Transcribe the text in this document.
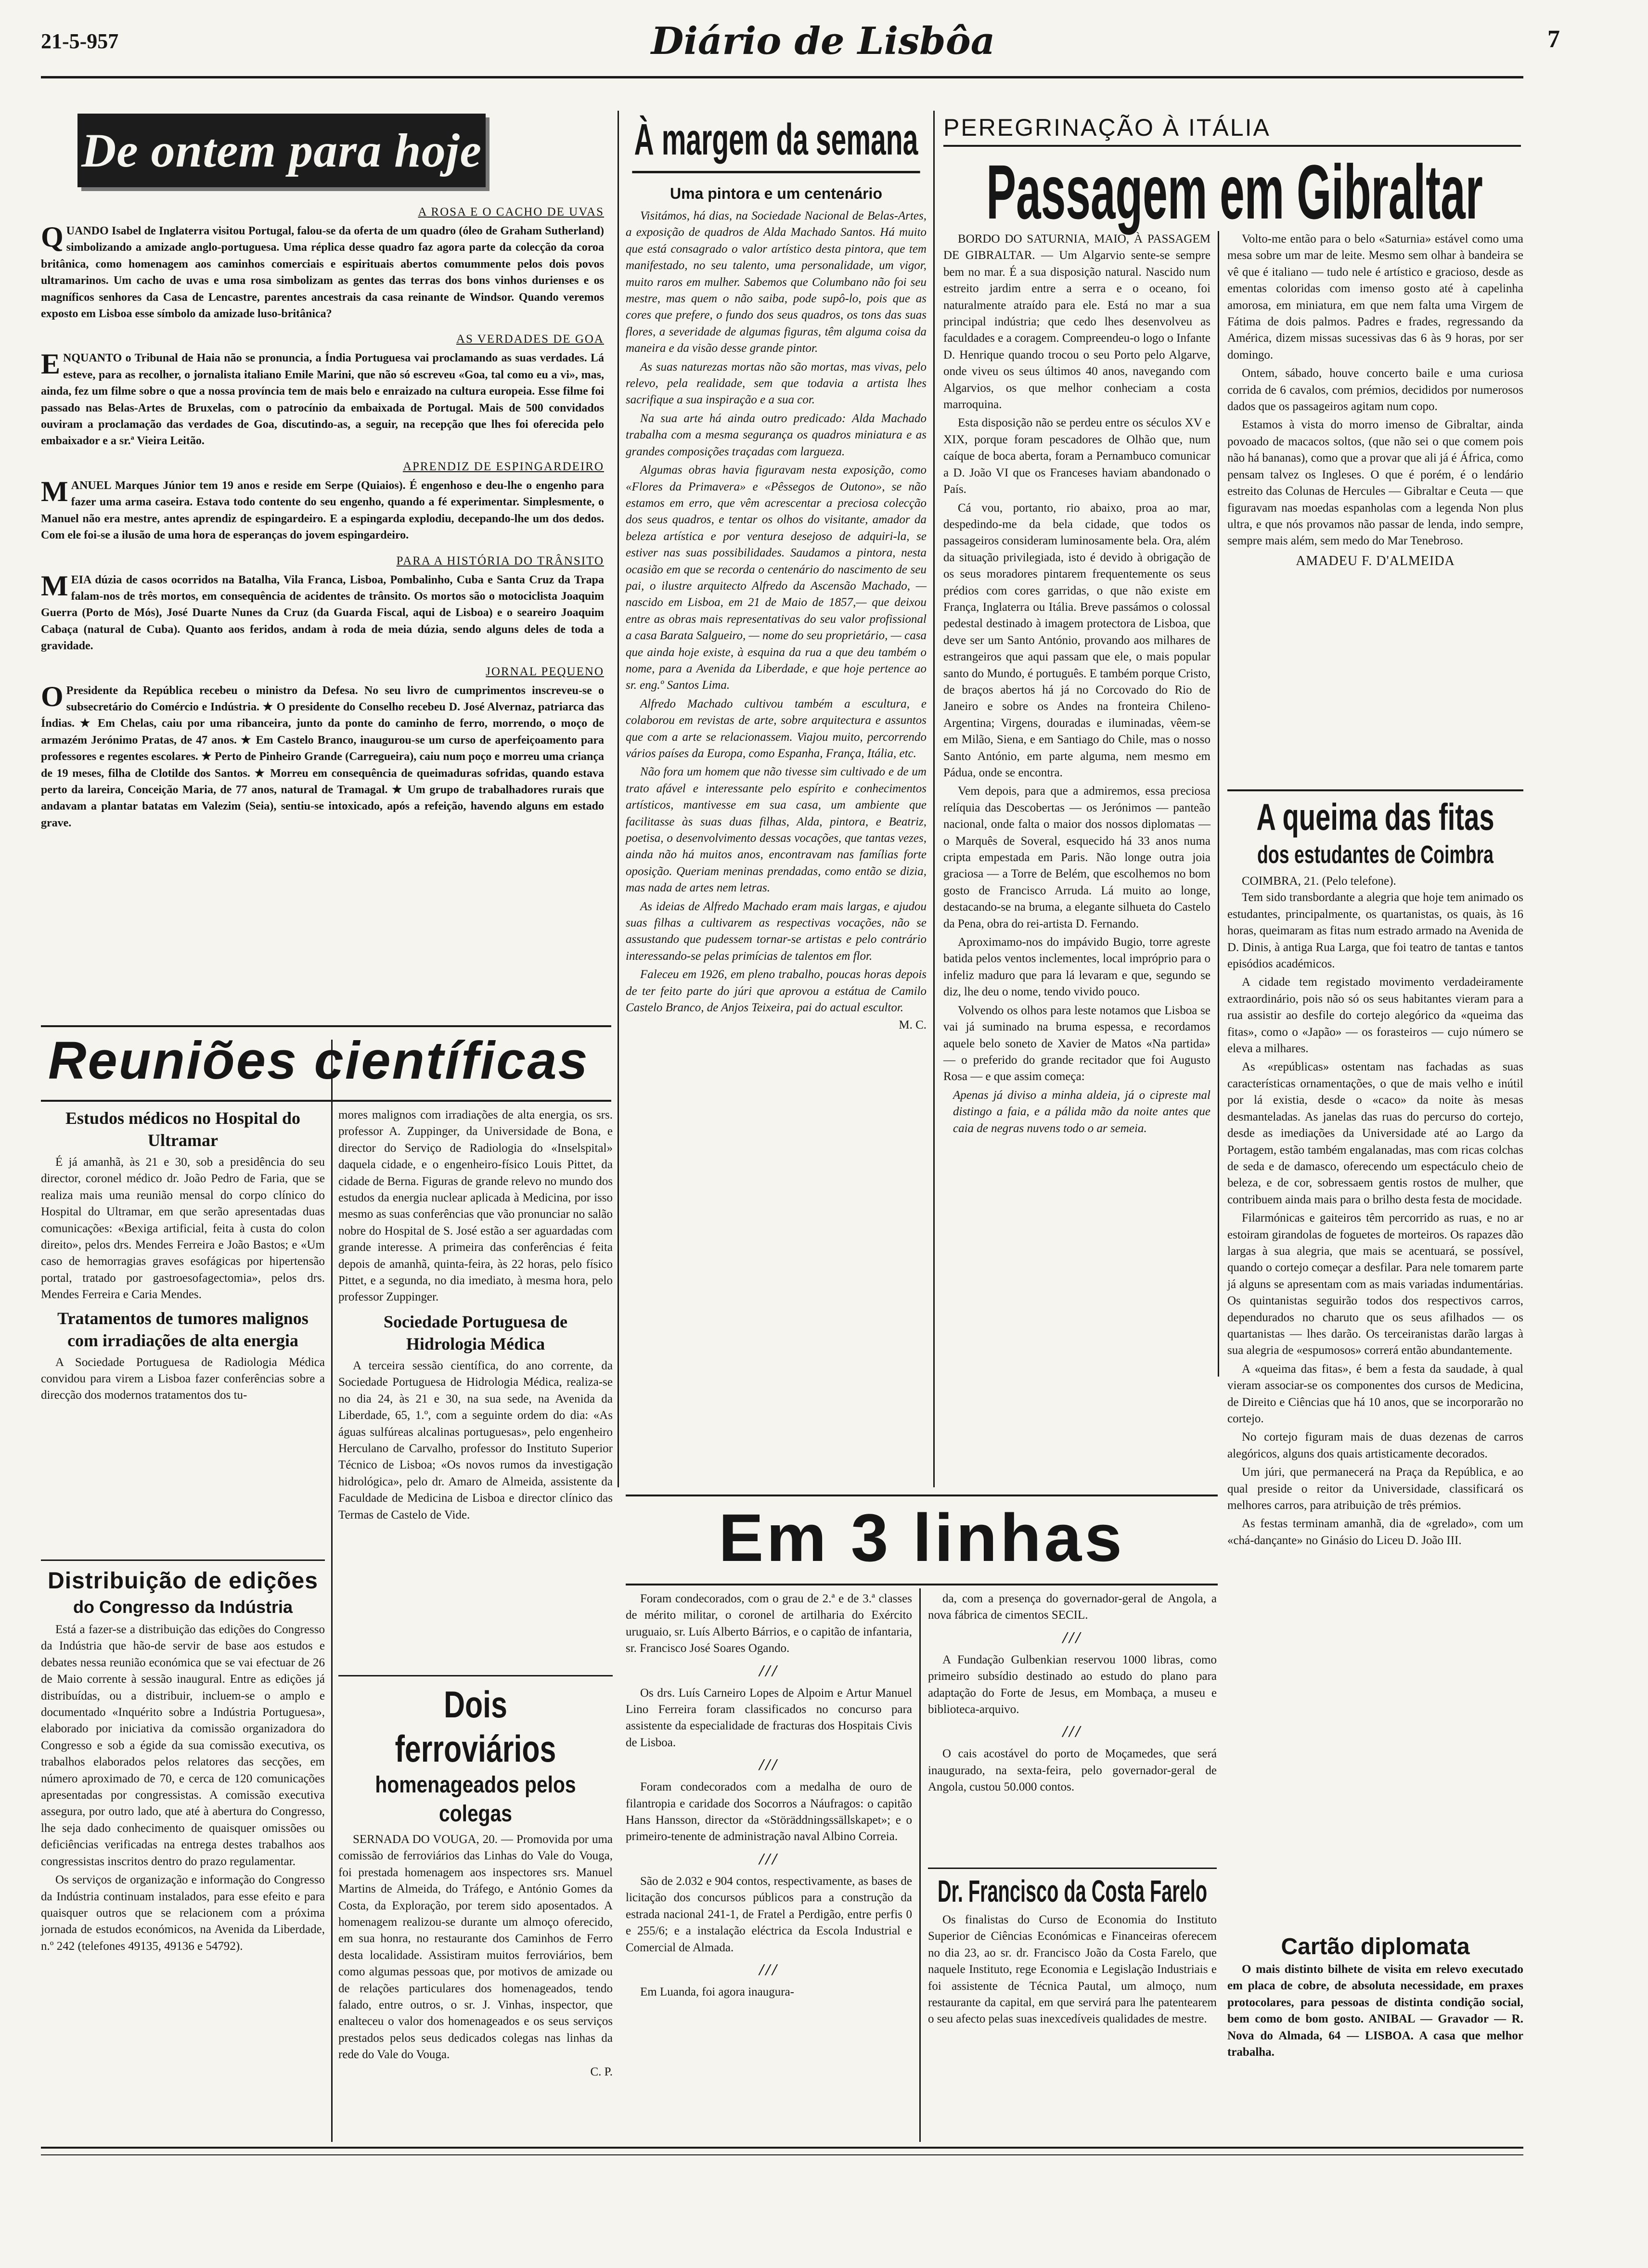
21-5-957	Diário de Lisbôa	7
De ontem para hoje
A ROSA E O CACHO DE UVAS

QUANDO Isabel de Inglaterra visitou Portugal, falou-se da oferta de um quadro (óleo de Graham Sutherland) simbolizando a amizade anglo-portuguesa. Uma réplica desse quadro faz agora parte da colecção da coroa britânica, como homenagem aos caminhos comerciais e espirituais abertos comummente pelos dois povos ultramarinos. Um cacho de uvas e uma rosa simbolizam as gentes das terras dos bons vinhos durienses e os magníficos senhores da Casa de Lencastre, parentes ancestrais da casa reinante de Windsor. Quando veremos exposto em Lisboa esse símbolo da amizade luso-britânica?

AS VERDADES DE GOA

ENQUANTO o Tribunal de Haia não se pronuncia, a Índia Portuguesa vai proclamando as suas verdades. Lá esteve, para as recolher, o jornalista italiano Emile Marini, que não só escreveu «Goa, tal como eu a vi», mas, ainda, fez um filme sobre o que a nossa província tem de mais belo e enraizado na cultura europeia. Esse filme foi passado nas Belas-Artes de Bruxelas, com o patrocínio da embaixada de Portugal. Mais de 500 convidados ouviram a proclamação das verdades de Goa, discutindo-as, a seguir, na recepção que lhes foi oferecida pelo embaixador e a sr.ª Vieira Leitão.

APRENDIZ DE ESPINGARDEIRO

MANUEL Marques Júnior tem 19 anos e reside em Serpe (Quiaios). É engenhoso e deu-lhe o engenho para fazer uma arma caseira. Estava todo contente do seu engenho, quando a fé experimentar. Simplesmente, o Manuel não era mestre, antes aprendiz de espingardeiro. E a espingarda explodiu, decepando-lhe um dos dedos. Com ele foi-se a ilusão de uma hora de esperanças do jovem espingardeiro.

PARA A HISTÓRIA DO TRÂNSITO

MEIA dúzia de casos ocorridos na Batalha, Vila Franca, Lisboa, Pombalinho, Cuba e Santa Cruz da Trapa falam-nos de três mortos, em consequência de acidentes de trânsito. Os mortos são o motociclista Joaquim Guerra (Porto de Mós), José Duarte Nunes da Cruz (da Guarda Fiscal, aqui de Lisboa) e o seareiro Joaquim Cabaça (natural de Cuba). Quanto aos feridos, andam à roda de meia dúzia, sendo alguns deles de toda a gravidade.

JORNAL PEQUENO

O Presidente da República recebeu o ministro da Defesa. No seu livro de cumprimentos inscreveu-se o subsecretário do Comércio e Indústria. ★ O presidente do Conselho recebeu D. José Alvernaz, patriarca das Índias. ★ Em Chelas, caiu por uma ribanceira, junto da ponte do caminho de ferro, morrendo, o moço de armazém Jerónimo Pratas, de 47 anos. ★ Em Castelo Branco, inaugurou-se um curso de aperfeiçoamento para professores e regentes escolares. ★ Perto de Pinheiro Grande (Carregueira), caiu num poço e morreu uma criança de 19 meses, filha de Clotilde dos Santos. ★ Morreu em consequência de queimaduras sofridas, quando estava perto da lareira, Conceição Maria, de 77 anos, natural de Tramagal. ★ Um grupo de trabalhadores rurais que andavam a plantar batatas em Valezim (Seia), sentiu-se intoxicado, após a refeição, havendo alguns em estado grave.

Reuniões científicas
Estudos médicos no Hospital do Ultramar

É já amanhã, às 21 e 30, sob a presidência do seu director, coronel médico dr. João Pedro de Faria, que se realiza mais uma reunião mensal do corpo clínico do Hospital do Ultramar, em que serão apresentadas duas comunicações: «Bexiga artificial, feita à custa do colon direito», pelos drs. Mendes Ferreira e João Bastos; e «Um caso de hemorragias graves esofágicas por hipertensão portal, tratado por gastroesofagectomia», pelos drs. Mendes Ferreira e Caria Mendes.

Tratamentos de tumores malignos com irradiações de alta energia

A Sociedade Portuguesa de Radiologia Médica convidou para virem a Lisboa fazer conferências sobre a direcção dos modernos tratamentos dos tu-

mores malignos com irradiações de alta energia, os srs. professor A. Zuppinger, da Universidade de Bona, e director do Serviço de Radiologia do «Inselspital» daquela cidade, e o engenheiro-físico Louis Pittet, da cidade de Berna. Figuras de grande relevo no mundo dos estudos da energia nuclear aplicada à Medicina, por isso mesmo as suas conferências que vão pronunciar no salão nobre do Hospital de S. José estão a ser aguardadas com grande interesse. A primeira das conferências é feita depois de amanhã, quinta-feira, às 22 horas, pelo físico Pittet, e a segunda, no dia imediato, à mesma hora, pelo professor Zuppinger.

Sociedade Portuguesa de Hidrologia Médica

A terceira sessão científica, do ano corrente, da Sociedade Portuguesa de Hidrologia Médica, realiza-se no dia 24, às 21 e 30, na sua sede, na Avenida da Liberdade, 65, 1.º, com a seguinte ordem do dia: «As águas sulfúreas alcalinas portuguesas», pelo engenheiro Herculano de Carvalho, professor do Instituto Superior Técnico de Lisboa; «Os novos rumos da investigação hidrológica», pelo dr. Amaro de Almeida, assistente da Faculdade de Medicina de Lisboa e director clínico das Termas de Castelo de Vide.

Distribuição de edições
do Congresso da Indústria

Está a fazer-se a distribuição das edições do Congresso da Indústria que hão-de servir de base aos estudos e debates nessa reunião económica que se vai efectuar de 26 de Maio corrente à sessão inaugural. Entre as edições já distribuídas, ou a distribuir, incluem-se o amplo e documentado «Inquérito sobre a Indústria Portuguesa», elaborado por iniciativa da comissão organizadora do Congresso e sob a égide da sua comissão executiva, os trabalhos elaborados pelos relatores das secções, em número aproximado de 70, e cerca de 120 comunicações apresentadas por congressistas. A comissão executiva assegura, por outro lado, que até à abertura do Congresso, lhe seja dado conhecimento de quaisquer omissões ou deficiências verificadas na entrega destes trabalhos aos congressistas inscritos dentro do prazo regulamentar.

Os serviços de organização e informação do Congresso da Indústria continuam instalados, para esse efeito e para quaisquer outros que se relacionem com a próxima jornada de estudos económicos, na Avenida da Liberdade, n.º 242 (telefones 49135, 49136 e 54792).

Dois ferroviários
homenageados pelos colegas

SERNADA DO VOUGA, 20. — Promovida por uma comissão de ferroviários das Linhas do Vale do Vouga, foi prestada homenagem aos inspectores srs. Manuel Martins de Almeida, do Tráfego, e António Gomes da Costa, da Exploração, por terem sido aposentados. A homenagem realizou-se durante um almoço oferecido, em sua honra, no restaurante dos Caminhos de Ferro desta localidade. Assistiram muitos ferroviários, bem como algumas pessoas que, por motivos de amizade ou de relações particulares dos homenageados, tendo falado, entre outros, o sr. J. Vinhas, inspector, que enalteceu o valor dos homenageados e os seus serviços prestados pelos seus dedicados colegas nas linhas da rede do Vale do Vouga.

C. P.
À margem da semana
Uma pintora e um centenário

Visitámos, há dias, na Sociedade Nacional de Belas-Artes, a exposição de quadros de Alda Machado Santos. Há muito que está consagrado o valor artístico desta pintora, que tem manifestado, no seu talento, uma personalidade, um vigor, muito raros em mulher. Sabemos que Columbano não foi seu mestre, mas quem o não saiba, pode supô-lo, pois que as cores que prefere, o fundo dos seus quadros, os tons das suas flores, a severidade de algumas figuras, têm alguma coisa da maneira e da visão desse grande pintor.

As suas naturezas mortas não são mortas, mas vivas, pelo relevo, pela realidade, sem que todavia a artista lhes sacrifique a sua inspiração e a sua cor.

Na sua arte há ainda outro predicado: Alda Machado trabalha com a mesma segurança os quadros miniatura e as grandes composições traçadas com largueza.

Algumas obras havia figuravam nesta exposição, como «Flores da Primavera» e «Pêssegos de Outono», se não estamos em erro, que vêm acrescentar a preciosa colecção dos seus quadros, e tentar os olhos do visitante, amador da beleza artística e por ventura desejoso de adquiri-la, se estiver nas suas possibilidades. Saudamos a pintora, nesta ocasião em que se recorda o centenário do nascimento de seu pai, o ilustre arquitecto Alfredo da Ascensão Machado, — nascido em Lisboa, em 21 de Maio de 1857,— que deixou entre as obras mais representativas do seu valor profissional a casa Barata Salgueiro, — nome do seu proprietário, — casa que ainda hoje existe, à esquina da rua a que deu também o nome, para a Avenida da Liberdade, e que hoje pertence ao sr. eng.º Santos Lima.

Alfredo Machado cultivou também a escultura, e colaborou em revistas de arte, sobre arquitectura e assuntos que com a arte se relacionassem. Viajou muito, percorrendo vários países da Europa, como Espanha, França, Itália, etc.

Não fora um homem que não tivesse sim cultivado e de um trato afável e interessante pelo espírito e conhecimentos artísticos, mantivesse em sua casa, um ambiente que facilitasse às suas duas filhas, Alda, pintora, e Beatriz, poetisa, o desenvolvimento dessas vocações, que tantas vezes, ainda não há muitos anos, encontravam nas famílias forte oposição. Queriam meninas prendadas, como então se dizia, mas nada de artes nem letras.

As ideias de Alfredo Machado eram mais largas, e ajudou suas filhas a cultivarem as respectivas vocações, não se assustando que pudessem tornar-se artistas e pelo contrário interessando-se pelas primícias de talentos em flor.

Faleceu em 1926, em pleno trabalho, poucas horas depois de ter feito parte do júri que aprovou a estátua de Camilo Castelo Branco, de Anjos Teixeira, pai do actual escultor.

M. C.
PEREGRINAÇÃO À ITÁLIA
Passagem em Gibraltar

BORDO DO SATURNIA, MAIO, À PASSAGEM DE GIBRALTAR. — Um Algarvio sente-se sempre bem no mar. É a sua disposição natural. Nascido num estreito jardim entre a serra e o oceano, foi naturalmente atraído para ele. Está no mar a sua principal indústria; que cedo lhes desenvolveu as faculdades e a coragem. Compreendeu-o logo o Infante D. Henrique quando trocou o seu Porto pelo Algarve, onde viveu os seus últimos 40 anos, navegando com Algarvios, os que melhor conheciam a costa marroquina.

Esta disposição não se perdeu entre os séculos XV e XIX, porque foram pescadores de Olhão que, num caíque de boca aberta, foram a Pernambuco comunicar a D. João VI que os Franceses haviam abandonado o País.

Cá vou, portanto, rio abaixo, proa ao mar, despedindo-me da bela cidade, que todos os passageiros consideram luminosamente bela. Ora, além da situação privilegiada, isto é devido à obrigação de os seus moradores pintarem frequentemente os seus prédios com cores garridas, o que não existe em França, Inglaterra ou Itália. Breve passámos o colossal pedestal destinado à imagem protectora de Lisboa, que deve ser um Santo António, provando aos milhares de estrangeiros que aqui passam que ele, o mais popular santo do Mundo, é português. E também porque Cristo, de braços abertos há já no Corcovado do Rio de Janeiro e sobre os Andes na fronteira Chileno-Argentina; Virgens, douradas e iluminadas, vêem-se em Milão, Siena, e em Santiago do Chile, mas o nosso Santo António, em parte alguma, nem mesmo em Pádua, onde se encontra.

Vem depois, para que a admiremos, essa preciosa relíquia das Descobertas — os Jerónimos — panteão nacional, onde falta o maior dos nossos diplomatas — o Marquês de Soveral, esquecido há 33 anos numa cripta empestada em Paris. Não longe outra joia graciosa — a Torre de Belém, que escolhemos no bom gosto de Francisco Arruda. Lá muito ao longe, destacando-se na bruma, a elegante silhueta do Castelo da Pena, obra do rei-artista D. Fernando.

Aproximamo-nos do impávido Bugio, torre agreste batida pelos ventos inclementes, local impróprio para o infeliz maduro que para lá levaram e que, segundo se diz, lhe deu o nome, tendo vivido pouco.

Volvendo os olhos para leste notamos que Lisboa se vai já suminado na bruma espessa, e recordamos aquele belo soneto de Xavier de Matos «Na partida» — o preferido do grande recitador que foi Augusto Rosa — e que assim começa:

Apenas já diviso a minha aldeia, já o cipreste mal distingo a faia, e a pálida mão da noite antes que caia de negras nuvens todo o ar semeia.

Volto-me então para o belo «Saturnia» estável como uma mesa sobre um mar de leite. Mesmo sem olhar à bandeira se vê que é italiano — tudo nele é artístico e gracioso, desde as ementas coloridas com imenso gosto até à capelinha amorosa, em miniatura, em que nem falta uma Virgem de Fátima de dois palmos. Padres e frades, regressando da América, dizem missas sucessivas das 6 às 9 horas, por ser domingo.

Ontem, sábado, houve concerto baile e uma curiosa corrida de 6 cavalos, com prémios, decididos por numerosos dados que os passageiros agitam num copo.

Estamos à vista do morro imenso de Gibraltar, ainda povoado de macacos soltos, (que não sei o que comem pois não há bananas), como que a provar que ali já é África, como pensam talvez os Ingleses. O que é porém, é o lendário estreito das Colunas de Hercules — Gibraltar e Ceuta — que figuravam nas moedas espanholas com a legenda Non plus ultra, e que nós provamos não passar de lenda, indo sempre, sempre mais além, sem medo do Mar Tenebroso.

AMADEU F. D'ALMEIDA
A queima das fitas
dos estudantes de Coimbra

COIMBRA, 21. (Pelo telefone).

Tem sido transbordante a alegria que hoje tem animado os estudantes, principalmente, os quartanistas, os quais, às 16 horas, queimaram as fitas num estrado armado na Avenida de D. Dinis, à antiga Rua Larga, que foi teatro de tantas e tantos episódios académicos.

A cidade tem registado movimento verdadeiramente extraordinário, pois não só os seus habitantes vieram para a rua assistir ao desfile do cortejo alegórico da «queima das fitas», como o «Japão» — os forasteiros — cujo número se eleva a milhares.

As «repúblicas» ostentam nas fachadas as suas características ornamentações, o que de mais velho e inútil por lá existia, desde o «caco» da noite às mesas desmanteladas. As janelas das ruas do percurso do cortejo, desde as imediações da Universidade até ao Largo da Portagem, estão também engalanadas, mas com ricas colchas de seda e de damasco, oferecendo um espectáculo cheio de beleza, e de cor, sobressaem gentis rostos de mulher, que contribuem ainda mais para o brilho desta festa de mocidade.

Filarmónicas e gaiteiros têm percorrido as ruas, e no ar estoiram girandolas de foguetes de morteiros. Os rapazes dão largas à sua alegria, que mais se acentuará, se possível, quando o cortejo começar a desfilar. Para nele tomarem parte já alguns se apresentam com as mais variadas indumentárias. Os quintanistas seguirão todos dos respectivos carros, dependurados no charuto que os seus afilhados — os quartanistas — lhes darão. Os terceiranistas darão largas à sua alegria de «espumosos» correrá então abundantemente.

A «queima das fitas», é bem a festa da saudade, à qual vieram associar-se os componentes dos cursos de Medicina, de Direito e Ciências que há 10 anos, que se incorporarão no cortejo.

No cortejo figuram mais de duas dezenas de carros alegóricos, alguns dos quais artisticamente decorados.

Um júri, que permanecerá na Praça da República, e ao qual preside o reitor da Universidade, classificará os melhores carros, para atribuição de três prémios.

As festas terminam amanhã, dia de «grelado», com um «chá-dançante» no Ginásio do Liceu D. João III.

Cartão diplomata

O mais distinto bilhete de visita em relevo executado em placa de cobre, de absoluta necessidade, em praxes protocolares, para pessoas de distinta condição social, bem como de bom gosto. ANIBAL — Gravador — R. Nova do Almada, 64 — LISBOA. A casa que melhor trabalha.

Em 3 linhas

Foram condecorados, com o grau de 2.ª e de 3.ª classes de mérito militar, o coronel de artilharia do Exército uruguaio, sr. Luís Alberto Bárrios, e o capitão de infantaria, sr. Francisco José Soares Ogando.

///

Os drs. Luís Carneiro Lopes de Alpoim e Artur Manuel Lino Ferreira foram classificados no concurso para assistente da especialidade de fracturas dos Hospitais Civis de Lisboa.

///

Foram condecorados com a medalha de ouro de filantropia e caridade dos Socorros a Náufragos: o capitão Hans Hansson, director da «Störäddningssällskapet»; e o primeiro-tenente de administração naval Albino Correia.

///

São de 2.032 e 904 contos, respectivamente, as bases de licitação dos concursos públicos para a construção da estrada nacional 241-1, de Fratel a Perdigão, entre perfis 0 e 255/6; e a instalação eléctrica da Escola Industrial e Comercial de Almada.

///

Em Luanda, foi agora inaugura-

da, com a presença do governador-geral de Angola, a nova fábrica de cimentos SECIL.

///

A Fundação Gulbenkian reservou 1000 libras, como primeiro subsídio destinado ao estudo do plano para adaptação do Forte de Jesus, em Mombaça, a museu e biblioteca-arquivo.

///

O cais acostável do porto de Moçamedes, que será inaugurado, na sexta-feira, pelo governador-geral de Angola, custou 50.000 contos.

Dr. Francisco da Costa Farelo

Os finalistas do Curso de Economia do Instituto Superior de Ciências Económicas e Financeiras oferecem no dia 23, ao sr. dr. Francisco João da Costa Farelo, que naquele Instituto, rege Economia e Legislação Industriais e foi assistente de Técnica Pautal, um almoço, num restaurante da capital, em que servirá para lhe patentearem o seu afecto pelas suas inexcedíveis qualidades de mestre.
